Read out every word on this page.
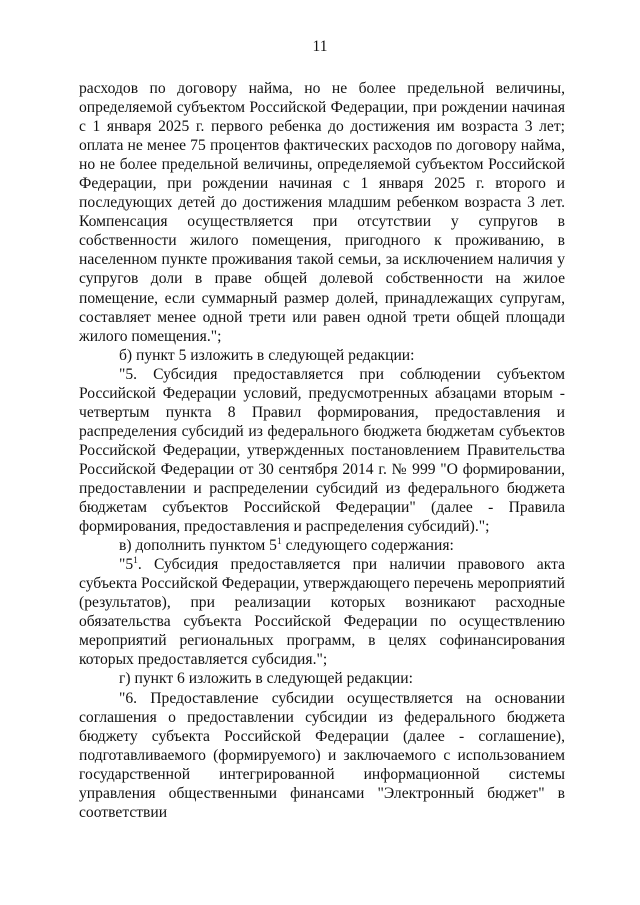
11

расходов по договору найма, но не более предельной величины, определяемой субъектом Российской Федерации, при рождении начиная с 1 января 2025 г. первого ребенка до достижения им возраста 3 лет; оплата не менее 75 процентов фактических расходов по договору найма, но не более предельной величины, определяемой субъектом Российской Федерации, при рождении начиная с 1 января 2025 г. второго и последующих детей до достижения младшим ребенком возраста 3 лет. Компенсация осуществляется при отсутствии у супругов в собственности жилого помещения, пригодного к проживанию, в населенном пункте проживания такой семьи, за исключением наличия у супругов доли в праве общей долевой собственности на жилое помещение, если суммарный размер долей, принадлежащих супругам, составляет менее одной трети или равен одной трети общей площади жилого помещения.";

б) пункт 5 изложить в следующей редакции:

"5. Субсидия предоставляется при соблюдении субъектом Российской Федерации условий, предусмотренных абзацами вторым - четвертым пункта 8 Правил формирования, предоставления и распределения субсидий из федерального бюджета бюджетам субъектов Российской Федерации, утвержденных постановлением Правительства Российской Федерации от 30 сентября 2014 г. № 999 "О формировании, предоставлении и распределении субсидий из федерального бюджета бюджетам субъектов Российской Федерации" (далее - Правила формирования, предоставления и распределения субсидий).";

в) дополнить пунктом $5^1$ следующего содержания:

"$5^1$. Субсидия предоставляется при наличии правового акта субъекта Российской Федерации, утверждающего перечень мероприятий (результатов), при реализации которых возникают расходные обязательства субъекта Российской Федерации по осуществлению мероприятий региональных программ, в целях софинансирования которых предоставляется субсидия.";

г) пункт 6 изложить в следующей редакции:

"6. Предоставление субсидии осуществляется на основании соглашения о предоставлении субсидии из федерального бюджета бюджету субъекта Российской Федерации (далее - соглашение), подготавливаемого (формируемого) и заключаемого с использованием государственной интегрированной информационной системы управления общественными финансами "Электронный бюджет" в соответствии
